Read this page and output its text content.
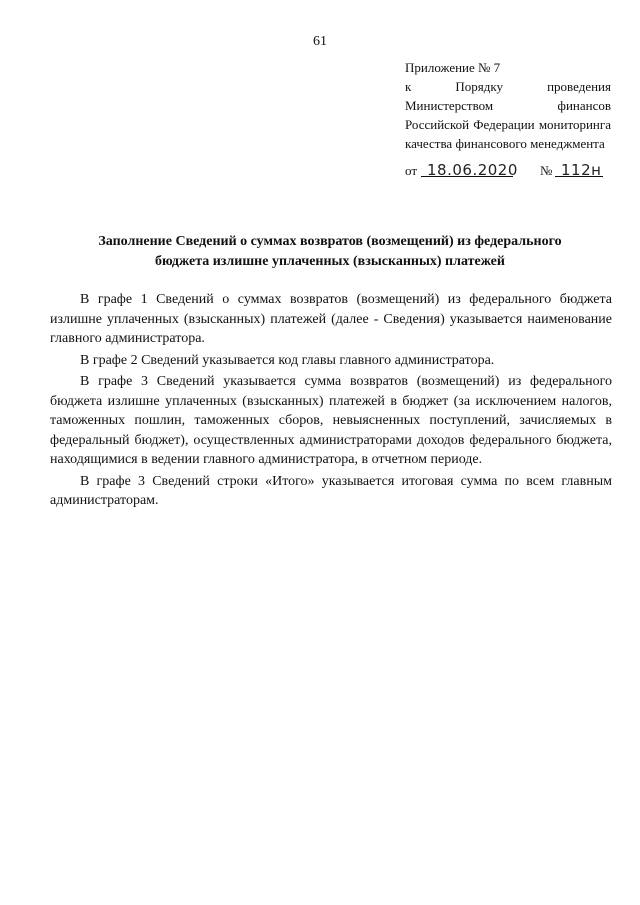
61
Приложение № 7
к Порядку проведения
Министерством финансов
Российской Федерации мониторинга
качества финансового менеджмента
от 18.06.2020 № 112н
Заполнение Сведений о суммах возвратов (возмещений) из федерального
бюджета излишне уплаченных (взысканных) платежей

В графе 1 Сведений о суммах возвратов (возмещений) из федерального бюджета излишне уплаченных (взысканных) платежей (далее - Сведения) указывается наименование главного администратора.

В графе 2 Сведений указывается код главы главного администратора.

В графе 3 Сведений указывается сумма возвратов (возмещений) из федерального бюджета излишне уплаченных (взысканных) платежей в бюджет (за исключением налогов, таможенных пошлин, таможенных сборов, невыясненных поступлений, зачисляемых в федеральный бюджет), осуществленных администраторами доходов федерального бюджета, находящимися в ведении главного администратора, в отчетном периоде.

В графе 3 Сведений строки «Итого» указывается итоговая сумма по всем главным администраторам.
